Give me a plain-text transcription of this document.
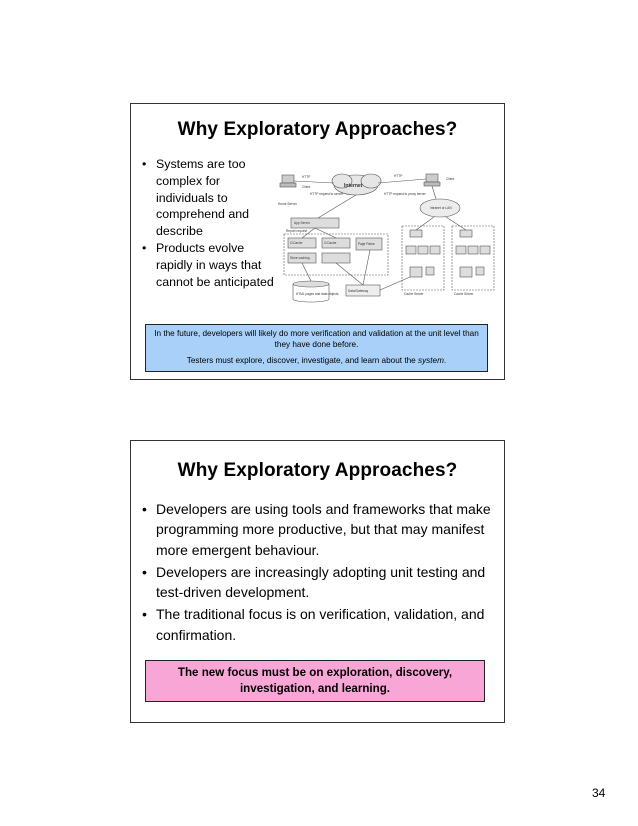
Why Exploratory Approaches?
• Systems are too complex for individuals to comprehend and describe
• Products evolve rapidly in ways that cannot be anticipated
HTTP	HTTP
Client
Client
Internet
HTTP request to server	HTTP request to proxy server
Home Server
Intranet or LAN
App Server
Report request
C/Cache	C/Cache	Page Parse
Store caching
HTML pages and data objects
Data/Gateway
Cache Server	Cache Server

In the future, developers will likely do more verification and validation at the unit level than they have done before.

Testers must explore, discover, investigate, and learn about the system.

Why Exploratory Approaches?
• Developers are using tools and frameworks that make programming more productive, but that may manifest more emergent behaviour.
• Developers are increasingly adopting unit testing and test-driven development.
• The traditional focus is on verification, validation, and confirmation.
The new focus must be on exploration, discovery, investigation, and learning.
34
